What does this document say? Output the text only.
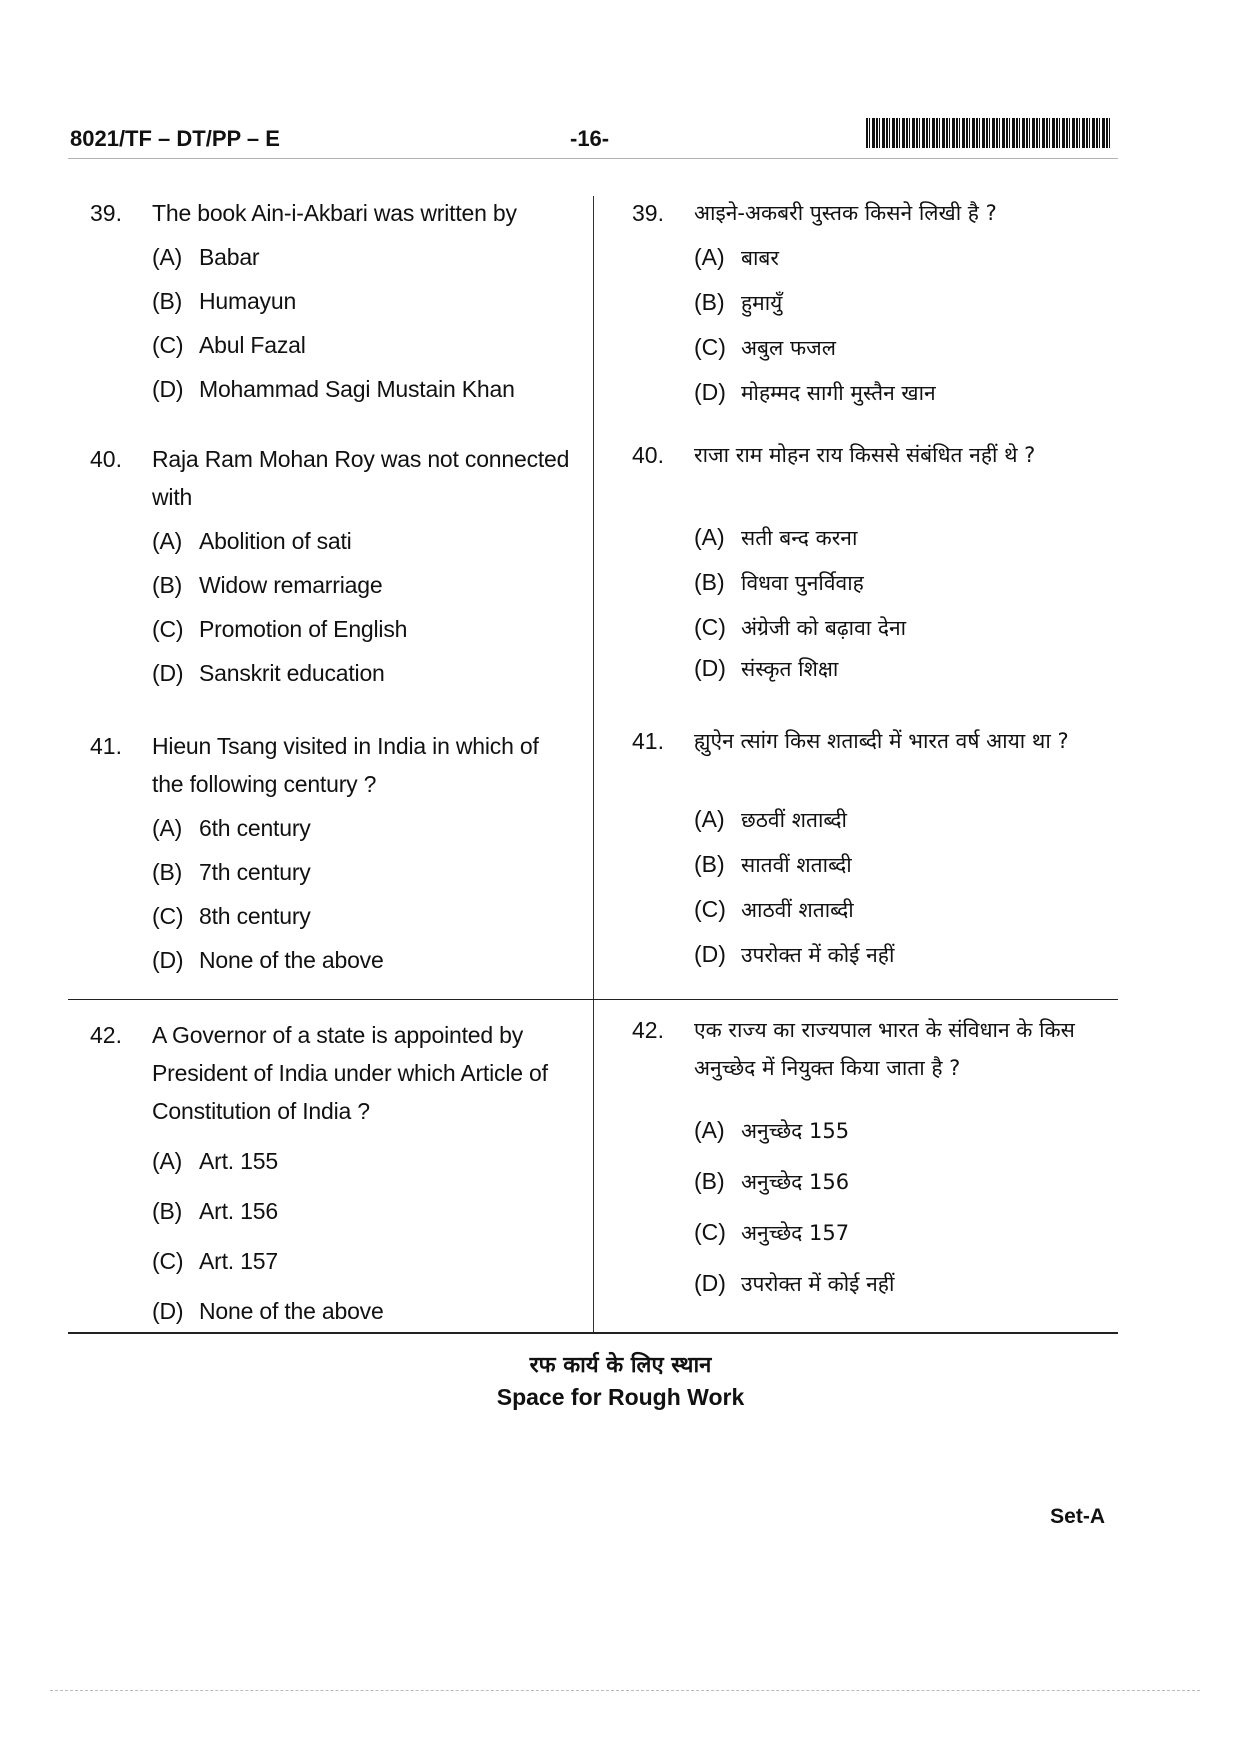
8021/TF – DT/PP – E	-16-
39.	The book Ain-i-Akbari was written by
(A) Babar
(B) Humayun
(C) Abul Fazal
(D) Mohammad Sagi Mustain Khan
40.	Raja Ram Mohan Roy was not connected
with
(A) Abolition of sati
(B) Widow remarriage
(C) Promotion of English
(D) Sanskrit education
41.	Hieun Tsang visited in India in which of
the following century ?
(A) 6th century
(B) 7th century
(C) 8th century
(D) None of the above
42.	A Governor of a state is appointed by
President of India under which Article of
Constitution of India ?
(A) Art. 155
(B) Art. 156
(C) Art. 157
(D) None of the above
39.	आइने-अकबरी पुस्तक किसने लिखी है ?
(A) बाबर
(B) हुमायुँ
(C) अबुल फजल
(D) मोहम्मद सागी मुस्तैन खान
40.	राजा राम मोहन राय किससे संबंधित नहीं थे ?
(A) सती बन्द करना
(B) विधवा पुनर्विवाह
(C) अंग्रेजी को बढ़ावा देना
(D) संस्कृत शिक्षा
41.	ह्युऐन त्सांग किस शताब्दी में भारत वर्ष आया था ?
(A) छठवीं शताब्दी
(B) सातवीं शताब्दी
(C) आठवीं शताब्दी
(D) उपरोक्त में कोई नहीं
42.	एक राज्य का राज्यपाल भारत के संविधान के किस
अनुच्छेद में नियुक्त किया जाता है ?
(A) अनुच्छेद 155
(B) अनुच्छेद 156
(C) अनुच्छेद 157
(D) उपरोक्त में कोई नहीं
रफ कार्य के लिए स्थान
Space for Rough Work
Set-A
